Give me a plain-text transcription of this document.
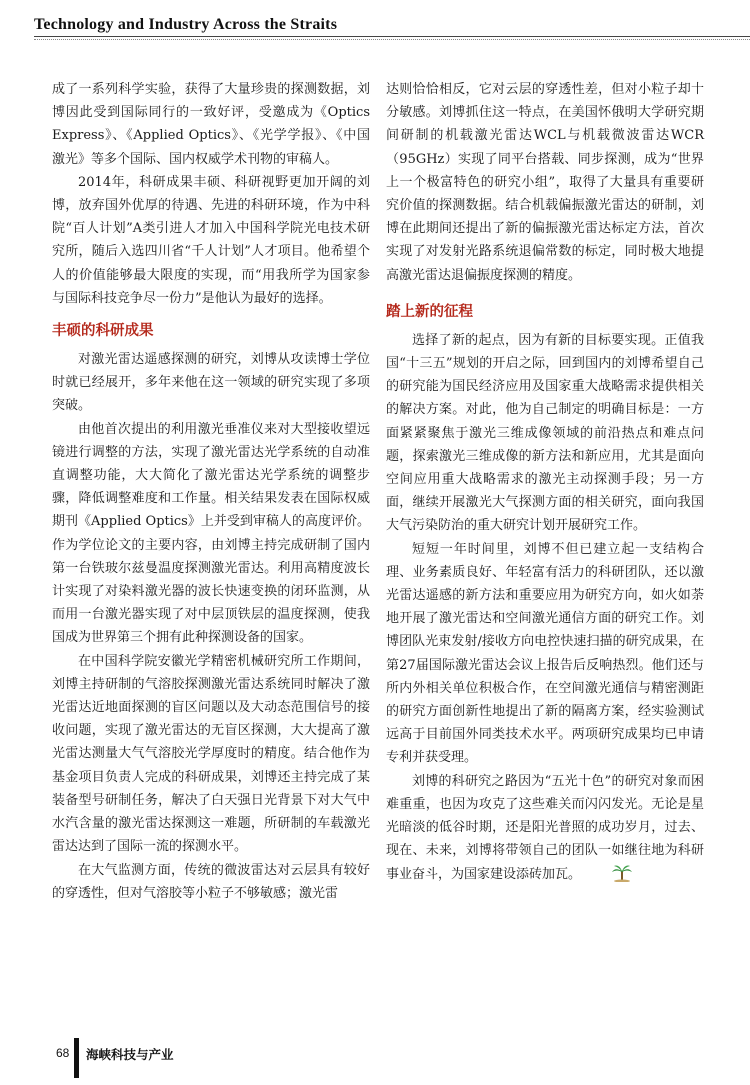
Technology and Industry Across the Straits

成了一系列科学实验，获得了大量珍贵的探测数据，刘博因此受到国际同行的一致好评，受邀成为《Optics Express》、《Applied Optics》、《光学学报》、《中国激光》等多个国际、国内权威学术刊物的审稿人。

2014年，科研成果丰硕、科研视野更加开阔的刘博，放弃国外优厚的待遇、先进的科研环境，作为中科院“百人计划”A类引进人才加入中国科学院光电技术研究所，随后入选四川省“千人计划”人才项目。他希望个人的价值能够最大限度的实现，而“用我所学为国家参与国际科技竞争尽一份力”是他认为最好的选择。

丰硕的科研成果

对激光雷达遥感探测的研究，刘博从攻读博士学位时就已经展开，多年来他在这一领域的研究实现了多项突破。

由他首次提出的利用激光垂准仪来对大型接收望远镜进行调整的方法，实现了激光雷达光学系统的自动准直调整功能，大大简化了激光雷达光学系统的调整步骤，降低调整难度和工作量。相关结果发表在国际权威期刊《Applied Optics》上并受到审稿人的高度评价。作为学位论文的主要内容，由刘博主持完成研制了国内第一台铁玻尔兹曼温度探测激光雷达。利用高精度波长计实现了对染料激光器的波长快速变换的闭环监测，从而用一台激光器实现了对中层顶铁层的温度探测，使我国成为世界第三个拥有此种探测设备的国家。

在中国科学院安徽光学精密机械研究所工作期间，刘博主持研制的气溶胶探测激光雷达系统同时解决了激光雷达近地面探测的盲区问题以及大动态范围信号的接收问题，实现了激光雷达的无盲区探测，大大提高了激光雷达测量大气气溶胶光学厚度时的精度。结合他作为基金项目负责人完成的科研成果，刘博还主持完成了某装备型号研制任务，解决了白天强日光背景下对大气中水汽含量的激光雷达探测这一难题，所研制的车载激光雷达达到了国际一流的探测水平。

在大气监测方面，传统的微波雷达对云层具有较好的穿透性，但对气溶胶等小粒子不够敏感；激光雷

达则恰恰相反，它对云层的穿透性差，但对小粒子却十分敏感。刘博抓住这一特点，在美国怀俄明大学研究期间研制的机载激光雷达WCL与机载微波雷达WCR（95GHz）实现了同平台搭载、同步探测，成为“世界上一个极富特色的研究小组”，取得了大量具有重要研究价值的探测数据。结合机载偏振激光雷达的研制，刘博在此期间还提出了新的偏振激光雷达标定方法，首次实现了对发射光路系统退偏常数的标定，同时极大地提高激光雷达退偏振度探测的精度。

踏上新的征程

选择了新的起点，因为有新的目标要实现。正值我国“十三五”规划的开启之际，回到国内的刘博希望自己的研究能为国民经济应用及国家重大战略需求提供相关的解决方案。对此，他为自己制定的明确目标是：一方面紧紧聚焦于激光三维成像领域的前沿热点和难点问题，探索激光三维成像的新方法和新应用，尤其是面向空间应用重大战略需求的激光主动探测手段；另一方面，继续开展激光大气探测方面的相关研究，面向我国大气污染防治的重大研究计划开展研究工作。

短短一年时间里，刘博不但已建立起一支结构合理、业务素质良好、年轻富有活力的科研团队，还以激光雷达遥感的新方法和重要应用为研究方向，如火如荼地开展了激光雷达和空间激光通信方面的研究工作。刘博团队光束发射/接收方向电控快速扫描的研究成果，在第27届国际激光雷达会议上报告后反响热烈。他们还与所内外相关单位积极合作，在空间激光通信与精密测距的研究方面创新性地提出了新的隔离方案，经实验测试远高于目前国外同类技术水平。两项研究成果均已申请专利并获受理。

刘博的科研究之路因为“五光十色”的研究对象而困难重重，也因为攻克了这些难关而闪闪发光。无论是星光暗淡的低谷时期，还是阳光普照的成功岁月，过去、现在、未来，刘博将带领自己的团队一如继往地为科研事业奋斗，为国家建设添砖加瓦。

68 海峡科技与产业
